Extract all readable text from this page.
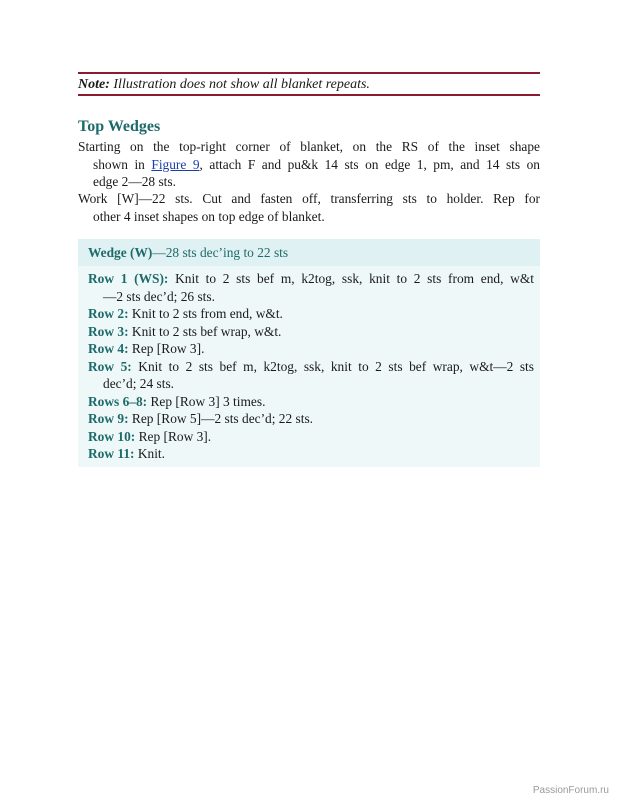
Note: Illustration does not show all blanket repeats.
Top Wedges
Starting on the top-right corner of blanket, on the RS of the inset shape
shown in Figure 9, attach F and pu&k 14 sts on edge 1, pm, and 14 sts on
edge 2—28 sts.
Work [W]—22 sts. Cut and fasten off, transferring sts to holder. Rep for
other 4 inset shapes on top edge of blanket.
Wedge (W)—28 sts dec’ing to 22 sts
Row 1 (WS): Knit to 2 sts bef m, k2tog, ssk, knit to 2 sts from end, w&t
—2 sts dec’d; 26 sts.
Row 2: Knit to 2 sts from end, w&t.
Row 3: Knit to 2 sts bef wrap, w&t.
Row 4: Rep [Row 3].
Row 5: Knit to 2 sts bef m, k2tog, ssk, knit to 2 sts bef wrap, w&t—2 sts
dec’d; 24 sts.
Rows 6–8: Rep [Row 3] 3 times.
Row 9: Rep [Row 5]—2 sts dec’d; 22 sts.
Row 10: Rep [Row 3].
Row 11: Knit.
PassionForum.ru
